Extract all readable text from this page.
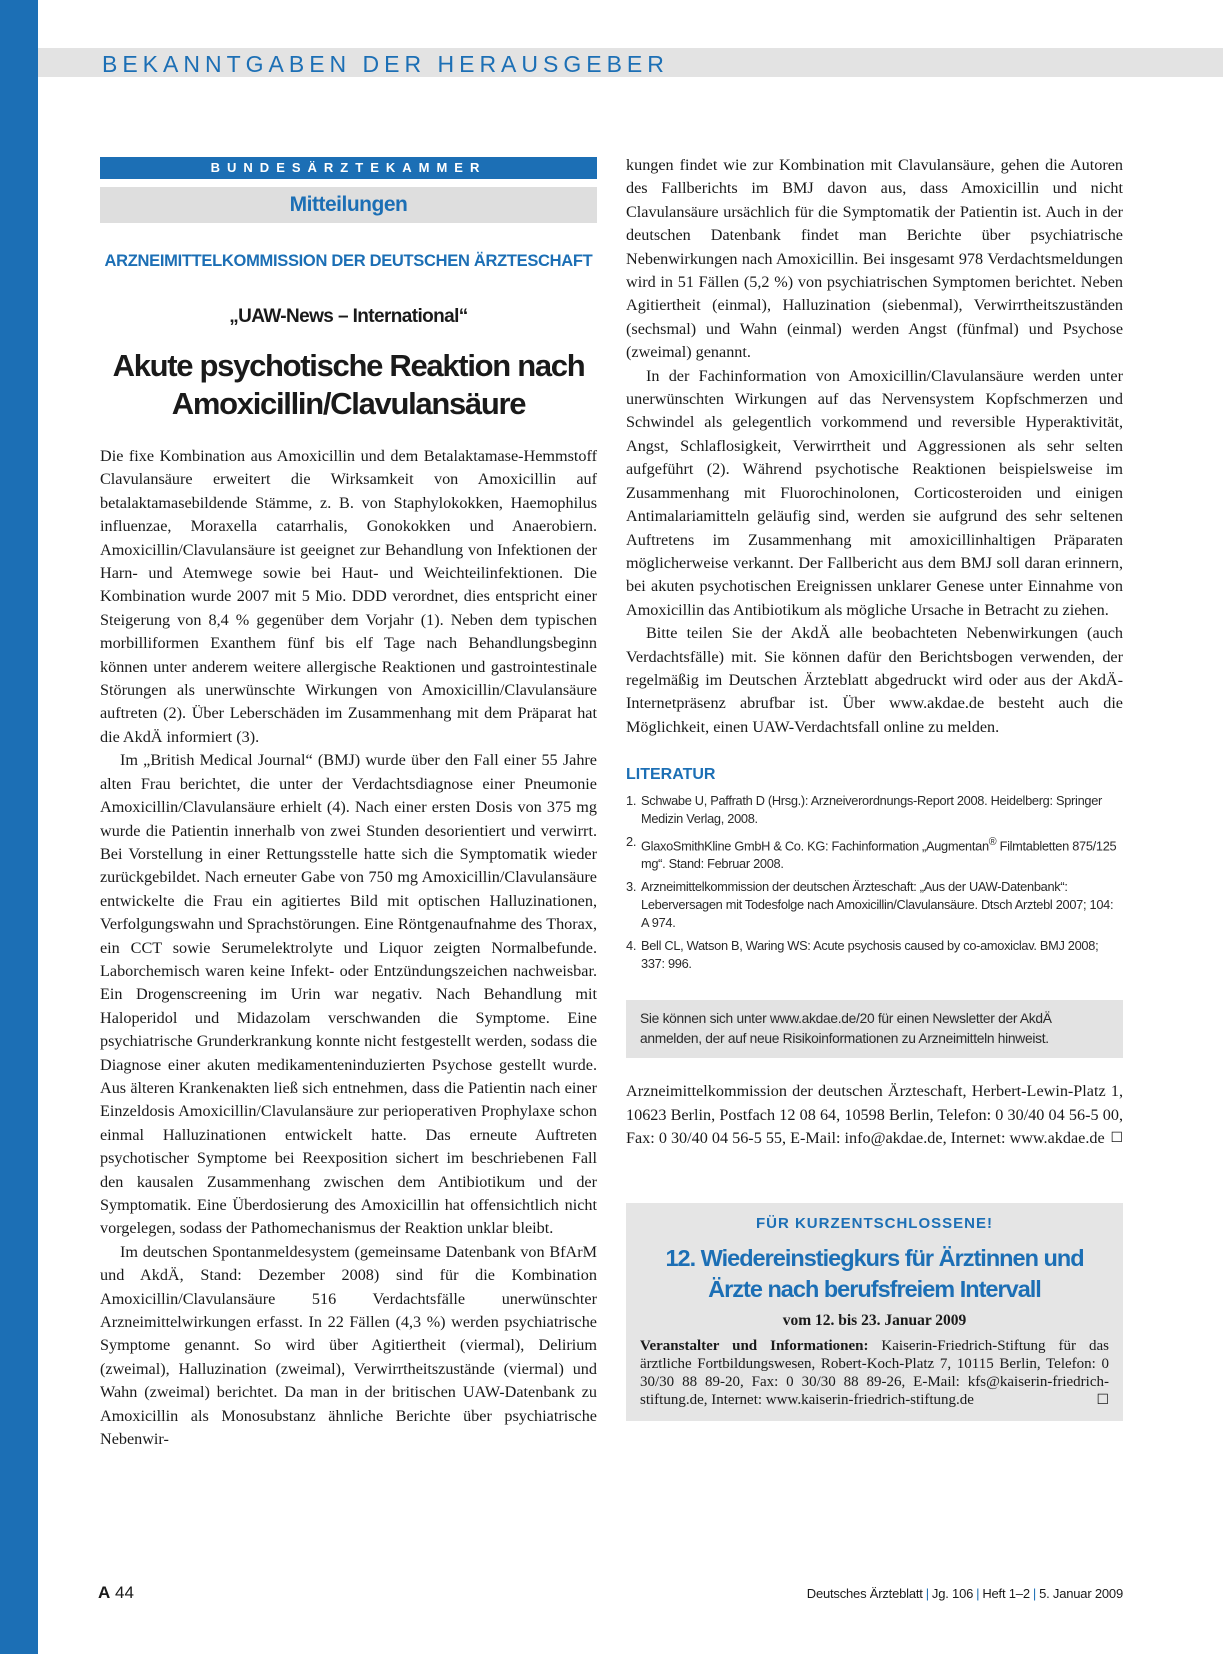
BEKANNTGABEN DER HERAUSGEBER
BUNDESÄRZTEKAMMER
Mitteilungen
ARZNEIMITTELKOMMISSION DER DEUTSCHEN ÄRZTESCHAFT
„UAW-News – International“
Akute psychotische Reaktion nach
Amoxicillin/Clavulansäure

Die fixe Kombination aus Amoxicillin und dem Betalaktamase-Hemmstoff Clavulansäure erweitert die Wirksamkeit von Amoxicillin auf betalaktamasebildende Stämme, z. B. von Staphylokokken, Haemophilus influenzae, Moraxella catarrhalis, Gonokokken und Anaerobiern. Amoxicillin/Clavulansäure ist geeignet zur Behandlung von Infektionen der Harn- und Atemwege sowie bei Haut- und Weichteilinfektionen. Die Kombination wurde 2007 mit 5 Mio. DDD verordnet, dies entspricht einer Steigerung von 8,4 % gegenüber dem Vorjahr (1). Neben dem typischen morbilliformen Exanthem fünf bis elf Tage nach Behandlungsbeginn können unter anderem weitere allergische Reaktionen und gastrointestinale Störungen als unerwünschte Wirkungen von Amoxicillin/Clavulansäure auftreten (2). Über Leberschäden im Zusammenhang mit dem Präparat hat die AkdÄ informiert (3).

Im „British Medical Journal“ (BMJ) wurde über den Fall einer 55 Jahre alten Frau berichtet, die unter der Verdachtsdiagnose einer Pneumonie Amoxicillin/Clavulansäure erhielt (4). Nach einer ersten Dosis von 375 mg wurde die Patientin innerhalb von zwei Stunden desorientiert und verwirrt. Bei Vorstellung in einer Rettungsstelle hatte sich die Symptomatik wieder zurückgebildet. Nach erneuter Gabe von 750 mg Amoxicillin/Clavulansäure entwickelte die Frau ein agitiertes Bild mit optischen Halluzinationen, Verfolgungswahn und Sprachstörungen. Eine Röntgenaufnahme des Thorax, ein CCT sowie Serumelektrolyte und Liquor zeigten Normalbefunde. Laborchemisch waren keine Infekt- oder Entzündungszeichen nachweisbar. Ein Drogenscreening im Urin war negativ. Nach Behandlung mit Haloperidol und Midazolam verschwanden die Symptome. Eine psychiatrische Grunderkrankung konnte nicht festgestellt werden, sodass die Diagnose einer akuten medikamenteninduzierten Psychose gestellt wurde. Aus älteren Krankenakten ließ sich entnehmen, dass die Patientin nach einer Einzeldosis Amoxicillin/Clavulansäure zur perioperativen Prophylaxe schon einmal Halluzinationen entwickelt hatte. Das erneute Auftreten psychotischer Symptome bei Reexposition sichert im beschriebenen Fall den kausalen Zusammenhang zwischen dem Antibiotikum und der Symptomatik. Eine Überdosierung des Amoxicillin hat offensichtlich nicht vorgelegen, sodass der Pathomechanismus der Reaktion unklar bleibt.

Im deutschen Spontanmeldesystem (gemeinsame Datenbank von BfArM und AkdÄ, Stand: Dezember 2008) sind für die Kombination Amoxicillin/Clavulansäure 516 Verdachtsfälle unerwünschter Arzneimittelwirkungen erfasst. In 22 Fällen (4,3 %) werden psychiatrische Symptome genannt. So wird über Agitiertheit (viermal), Delirium (zweimal), Halluzination (zweimal), Verwirrtheitszustände (viermal) und Wahn (zweimal) berichtet. Da man in der britischen UAW-Datenbank zu Amoxicillin als Monosubstanz ähnliche Berichte über psychiatrische Nebenwir-

kungen findet wie zur Kombination mit Clavulansäure, gehen die Autoren des Fallberichts im BMJ davon aus, dass Amoxicillin und nicht Clavulansäure ursächlich für die Symptomatik der Patientin ist. Auch in der deutschen Datenbank findet man Berichte über psychiatrische Nebenwirkungen nach Amoxicillin. Bei insgesamt 978 Verdachtsmeldungen wird in 51 Fällen (5,2 %) von psychiatrischen Symptomen berichtet. Neben Agitiertheit (einmal), Halluzination (siebenmal), Verwirrtheitszuständen (sechsmal) und Wahn (einmal) werden Angst (fünfmal) und Psychose (zweimal) genannt.

In der Fachinformation von Amoxicillin/Clavulansäure werden unter unerwünschten Wirkungen auf das Nervensystem Kopfschmerzen und Schwindel als gelegentlich vorkommend und reversible Hyperaktivität, Angst, Schlaflosigkeit, Verwirrtheit und Aggressionen als sehr selten aufgeführt (2). Während psychotische Reaktionen beispielsweise im Zusammenhang mit Fluorochinolonen, Corticosteroiden und einigen Antimalariamitteln geläufig sind, werden sie aufgrund des sehr seltenen Auftretens im Zusammenhang mit amoxicillinhaltigen Präparaten möglicherweise verkannt. Der Fallbericht aus dem BMJ soll daran erinnern, bei akuten psychotischen Ereignissen unklarer Genese unter Einnahme von Amoxicillin das Antibiotikum als mögliche Ursache in Betracht zu ziehen.

Bitte teilen Sie der AkdÄ alle beobachteten Nebenwirkungen (auch Verdachtsfälle) mit. Sie können dafür den Berichtsbogen verwenden, der regelmäßig im Deutschen Ärzteblatt abgedruckt wird oder aus der AkdÄ-Internetpräsenz abrufbar ist. Über www.akdae.de besteht auch die Möglichkeit, einen UAW-Verdachtsfall online zu melden.

LITERATUR
1. Schwabe U, Paffrath D (Hrsg.): Arzneiverordnungs-Report 2008. Heidelberg: Springer Medizin Verlag, 2008.
2. GlaxoSmithKline GmbH & Co. KG: Fachinformation „Augmentan® Filmtabletten 875/125 mg“. Stand: Februar 2008.
3. Arzneimittelkommission der deutschen Ärzteschaft: „Aus der UAW-Datenbank“: Leberversagen mit Todesfolge nach Amoxicillin/Clavulansäure. Dtsch Arztebl 2007; 104: A 974.
4. Bell CL, Watson B, Waring WS: Acute psychosis caused by co-amoxiclav. BMJ 2008; 337: 996.
Sie können sich unter www.akdae.de/20 für einen Newsletter der AkdÄ anmelden, der auf neue Risikoinformationen zu Arzneimitteln hinweist.
Arzneimittelkommission der deutschen Ärzteschaft, Herbert-Lewin-Platz 1, 10623 Berlin, Postfach 12 08 64, 10598 Berlin, Telefon: 0 30/40 04 56-5 00, Fax: 0 30/40 04 56-5 55, E-Mail: info@akdae.de, Internet: www.akdae.de ☐
FÜR KURZENTSCHLOSSENE!
12. Wiedereinstiegkurs für Ärztinnen und
Ärzte nach berufsfreiem Intervall
vom 12. bis 23. Januar 2009
Veranstalter und Informationen: Kaiserin-Friedrich-Stiftung für das ärztliche Fortbildungswesen, Robert-Koch-Platz 7, 10115 Berlin, Telefon: 0 30/30 88 89-20, Fax: 0 30/30 88 89-26, E-Mail: kfs@kaiserin-friedrich-stiftung.de, Internet: www.kaiserin-friedrich-stiftung.de	☐
A 44	Deutsches Ärzteblatt | Jg. 106 | Heft 1–2 | 5. Januar 2009
